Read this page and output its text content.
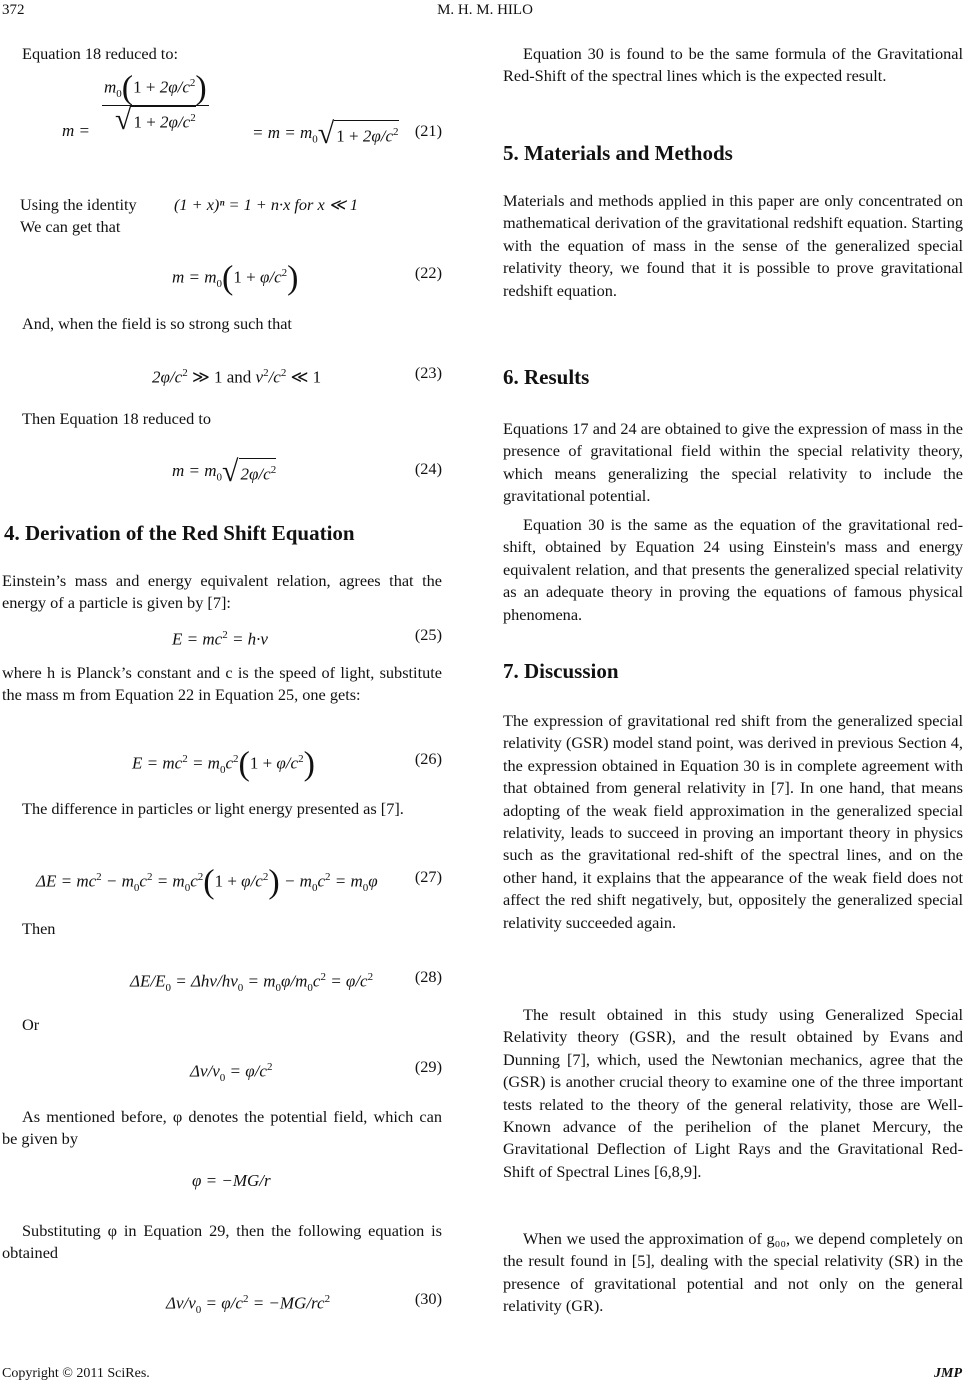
372	M. H. M. HILO

Equation 18 reduced to:

$m = \frac{m_0(1 + 2\varphi/c^2)}{√ 1 + 2\varphi/c^2}$	= $m = m_0√$ $1 + 2\varphi/c^2$ (21)

Using the identity (1 + x)ⁿ = 1 + n·x for x ≪ 1

We can get that

$m = m_0(1 + \varphi/c^2)$	(22)

And, when the field is so strong such that

$2\varphi/c^2$ ≫ 1 and $v^2/c^2$ ≪ 1	(23)

Then Equation 18 reduced to

$m = m_0√$ $2\varphi/c^2$	(24)
4. Derivation of the Red Shift Equation

Einstein’s mass and energy equivalent relation, agrees that the energy of a particle is given by [7]:

$E = mc^2 = h\cdot v$	(25)

where h is Planck’s constant and c is the speed of light, substitute the mass m from Equation 22 in Equation 25, one gets:

$E = mc^2 = m_0c^2(1 + \varphi/c^2)$	(26)

The difference in particles or light energy presented as [7].

$\Delta E = mc^2 - m_0c^2 = m_0c^2(1 + \varphi/c^2) - m_0c^2 = m_0\varphi$ (27)

Then

$\Delta E/E_0 = \Delta hv/hv_0 = m_0\varphi/m_0c^2 = \varphi/c^2$	(28)

Or

$\Delta v/v_0 = \varphi/c^2$	(29)

As mentioned before, φ denotes the potential field, which can be given by

φ = −MG/r

Substituting φ in Equation 29, then the following equation is obtained

$\Delta v/v_0 = \varphi/c^2 = -MG/rc^2$	(30)

Equation 30 is found to be the same formula of the Gravitational Red-Shift of the spectral lines which is the expected result.

5. Materials and Methods

Materials and methods applied in this paper are only concentrated on mathematical derivation of the gravitational redshift equation. Starting with the equation of mass in the sense of the generalized special relativity theory, we found that it is possible to prove gravitational redshift equation.

6. Results

Equations 17 and 24 are obtained to give the expression of mass in the presence of gravitational field within the special relativity theory, which means generalizing the special relativity to include the gravitational potential.

Equation 30 is the same as the equation of the gravitational red-shift, obtained by Equation 24 using Einstein's mass and energy equivalent relation, and that presents the generalized special relativity as an adequate theory in proving the equations of famous physical phenomena.

7. Discussion

The expression of gravitational red shift from the generalized special relativity (GSR) model stand point, was derived in previous Section 4, the expression obtained in Equation 30 is in complete agreement with that obtained from general relativity in [7]. In one hand, that means adopting of the weak field approximation in the generalized special relativity, leads to succeed in proving an important theory in physics such as the gravitational red-shift of the spectral lines, and on the other hand, it explains that the appearance of the weak field does not affect the red shift negatively, but, oppositely the generalized special relativity succeeded again.

The result obtained in this study using Generalized Special Relativity theory (GSR), and the result obtained by Evans and Dunning [7], which, used the Newtonian mechanics, agree that the (GSR) is another crucial theory to examine one of the three important tests related to the theory of the general relativity, those are Well-Known advance of the perihelion of the planet Mercury, the Gravitational Deflection of Light Rays and the Gravitational Red-Shift of Spectral Lines [6,8,9].

When we used the approximation of g₀₀, we depend completely on the result found in [5], dealing with the special relativity (SR) in the presence of gravitational potential and not only on the general relativity (GR).

Copyright © 2011 SciRes.	JMP
